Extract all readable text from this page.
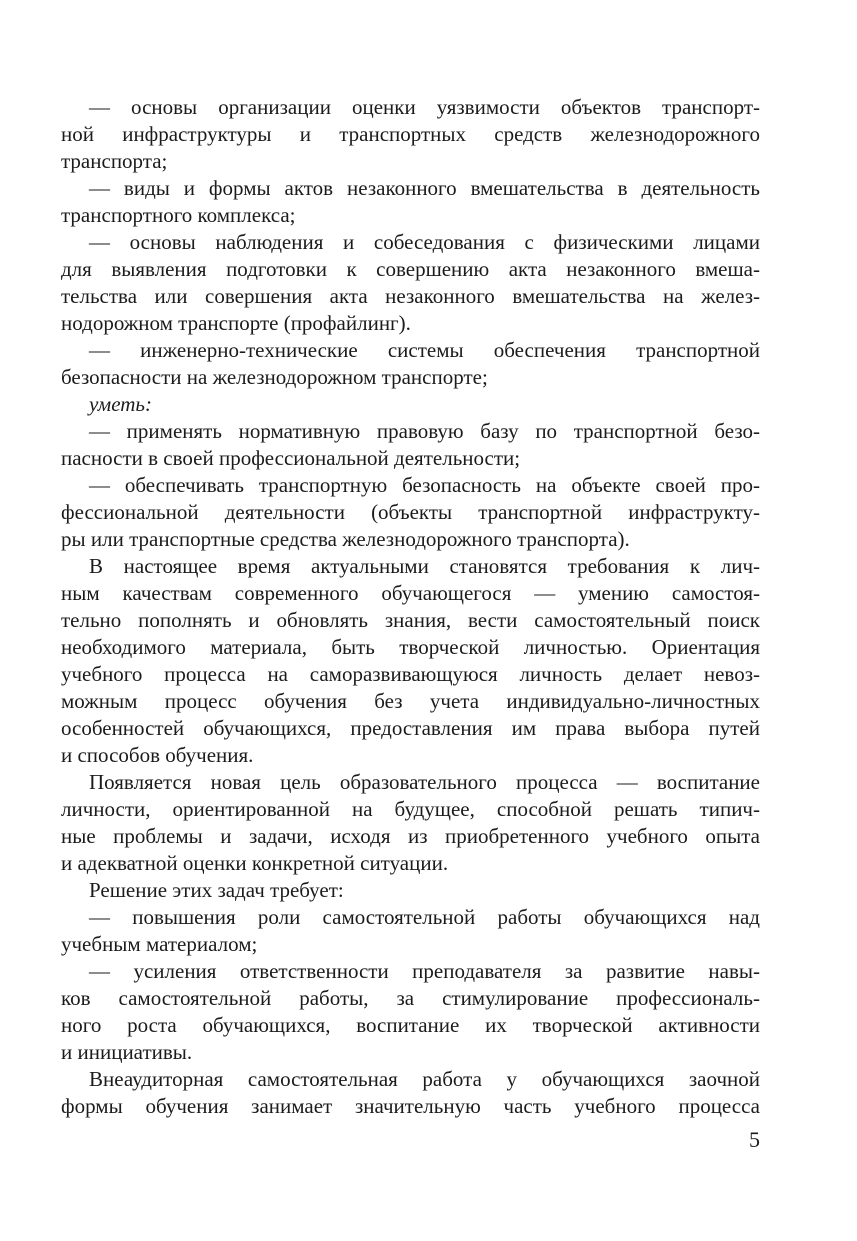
— основы организации оценки уязвимости объектов транспорт-
ной инфраструктуры и транспортных средств железнодорожного
транспорта;

— виды и формы актов незаконного вмешательства в деятельность
транспортного комплекса;

— основы наблюдения и собеседования с физическими лицами
для выявления подготовки к совершению акта незаконного вмеша-
тельства или совершения акта незаконного вмешательства на желез-
нодорожном транспорте (профайлинг).

— инженерно-технические системы обеспечения транспортной
безопасности на железнодорожном транспорте;

уметь:

— применять нормативную правовую базу по транспортной безо-
пасности в своей профессиональной деятельности;

— обеспечивать транспортную безопасность на объекте своей про-
фессиональной деятельности (объекты транспортной инфраструкту-
ры или транспортные средства железнодорожного транспорта).

В настоящее время актуальными становятся требования к лич-
ным качествам современного обучающегося — умению самостоя-
тельно пополнять и обновлять знания, вести самостоятельный поиск
необходимого материала, быть творческой личностью. Ориентация
учебного процесса на саморазвивающуюся личность делает невоз-
можным процесс обучения без учета индивидуально-личностных
особенностей обучающихся, предоставления им права выбора путей
и способов обучения.

Появляется новая цель образовательного процесса — воспитание
личности, ориентированной на будущее, способной решать типич-
ные проблемы и задачи, исходя из приобретенного учебного опыта
и адекватной оценки конкретной ситуации.

Решение этих задач требует:

— повышения роли самостоятельной работы обучающихся над
учебным материалом;

— усиления ответственности преподавателя за развитие навы-
ков самостоятельной работы, за стимулирование профессиональ-
ного роста обучающихся, воспитание их творческой активности
и инициативы.

Внеаудиторная самостоятельная работа у обучающихся заочной
формы обучения занимает значительную часть учебного процесса

5
